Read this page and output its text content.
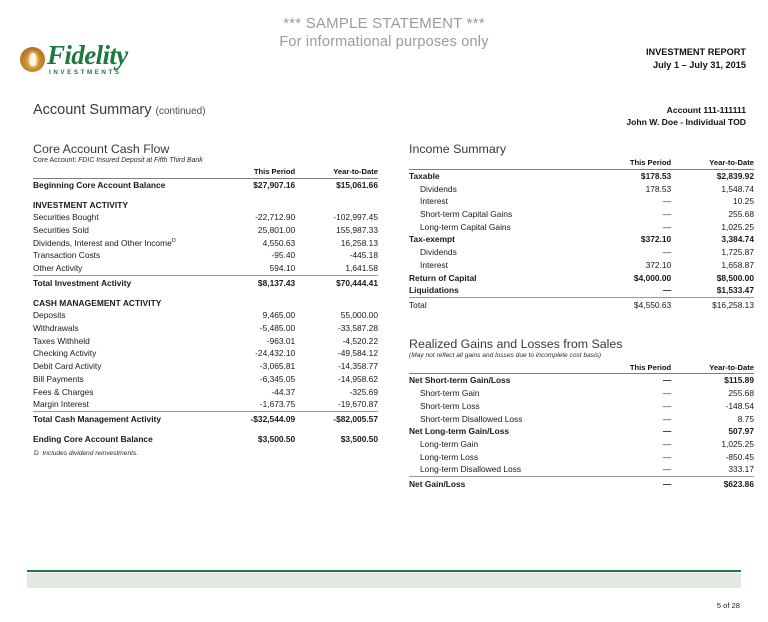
*** SAMPLE STATEMENT ***
For informational purposes only
Fidelity
INVESTMENTS
INVESTMENT REPORT
July 1 – July 31, 2015
Account Summary (continued)	Account 111-111111
John W. Doe - Individual TOD
Core Account Cash Flow
Core Account: FDIC Insured Deposit at Fifth Third Bank
	This Period	Year-to-Date
Beginning Core Account Balance	$27,907.16	$15,061.66

INVESTMENT ACTIVITY		
Securities Bought	-22,712.90	-102,997.45
Securities Sold	25,801.00	155,987.33
Dividends, Interest and Other Income$^D$	4,550.63	16,258.13
Transaction Costs	-95.40	-445.18
Other Activity	594.10	1,641.58
Total Investment Activity	$8,137.43	$70,444.41

CASH MANAGEMENT ACTIVITY		
Deposits	9,465.00	55,000.00
Withdrawals	-5,485.00	-33,587.28
Taxes Withheld	-963.01	-4,520.22
Checking Activity	-24,432.10	-49,584.12
Debit Card Activity	-3,065.81	-14,358.77
Bill Payments	-6,345.05	-14,958.62
Fees & Charges	-44.37	-325.69
Margin Interest	-1,673.75	-19,670.87
Total Cash Management Activity	-$32,544.09	-$82,005.57

Ending Core Account Balance	$3,500.50	$3,500.50
D Includes dividend reinvestments.
Income Summary
	This Period	Year-to-Date
Taxable	$178.53	$2,839.92
Dividends	178.53	1,548.74
Interest	—	10.25
Short-term Capital Gains	—	255.68
Long-term Capital Gains	—	1,025.25
Tax-exempt	$372.10	3,384.74
Dividends	—	1,725.87
Interest	372.10	1,658.87
Return of Capital	$4,000.00	$8,500.00
Liquidations	—	$1,533.47
Total	$4,550.63	$16,258.13
Realized Gains and Losses from Sales
(May not reflect all gains and losses due to incomplete cost basis)
	This Period	Year-to-Date
Net Short-term Gain/Loss	—	$115.89
Short-term Gain	—	255.68
Short-term Loss	—	-148.54
Short-term Disallowed Loss	—	8.75
Net Long-term Gain/Loss	—	507.97
Long-term Gain	—	1,025.25
Long-term Loss	—	-850.45
Long-term Disallowed Loss	—	333.17
Net Gain/Loss	—	$623.86
5 of 28
